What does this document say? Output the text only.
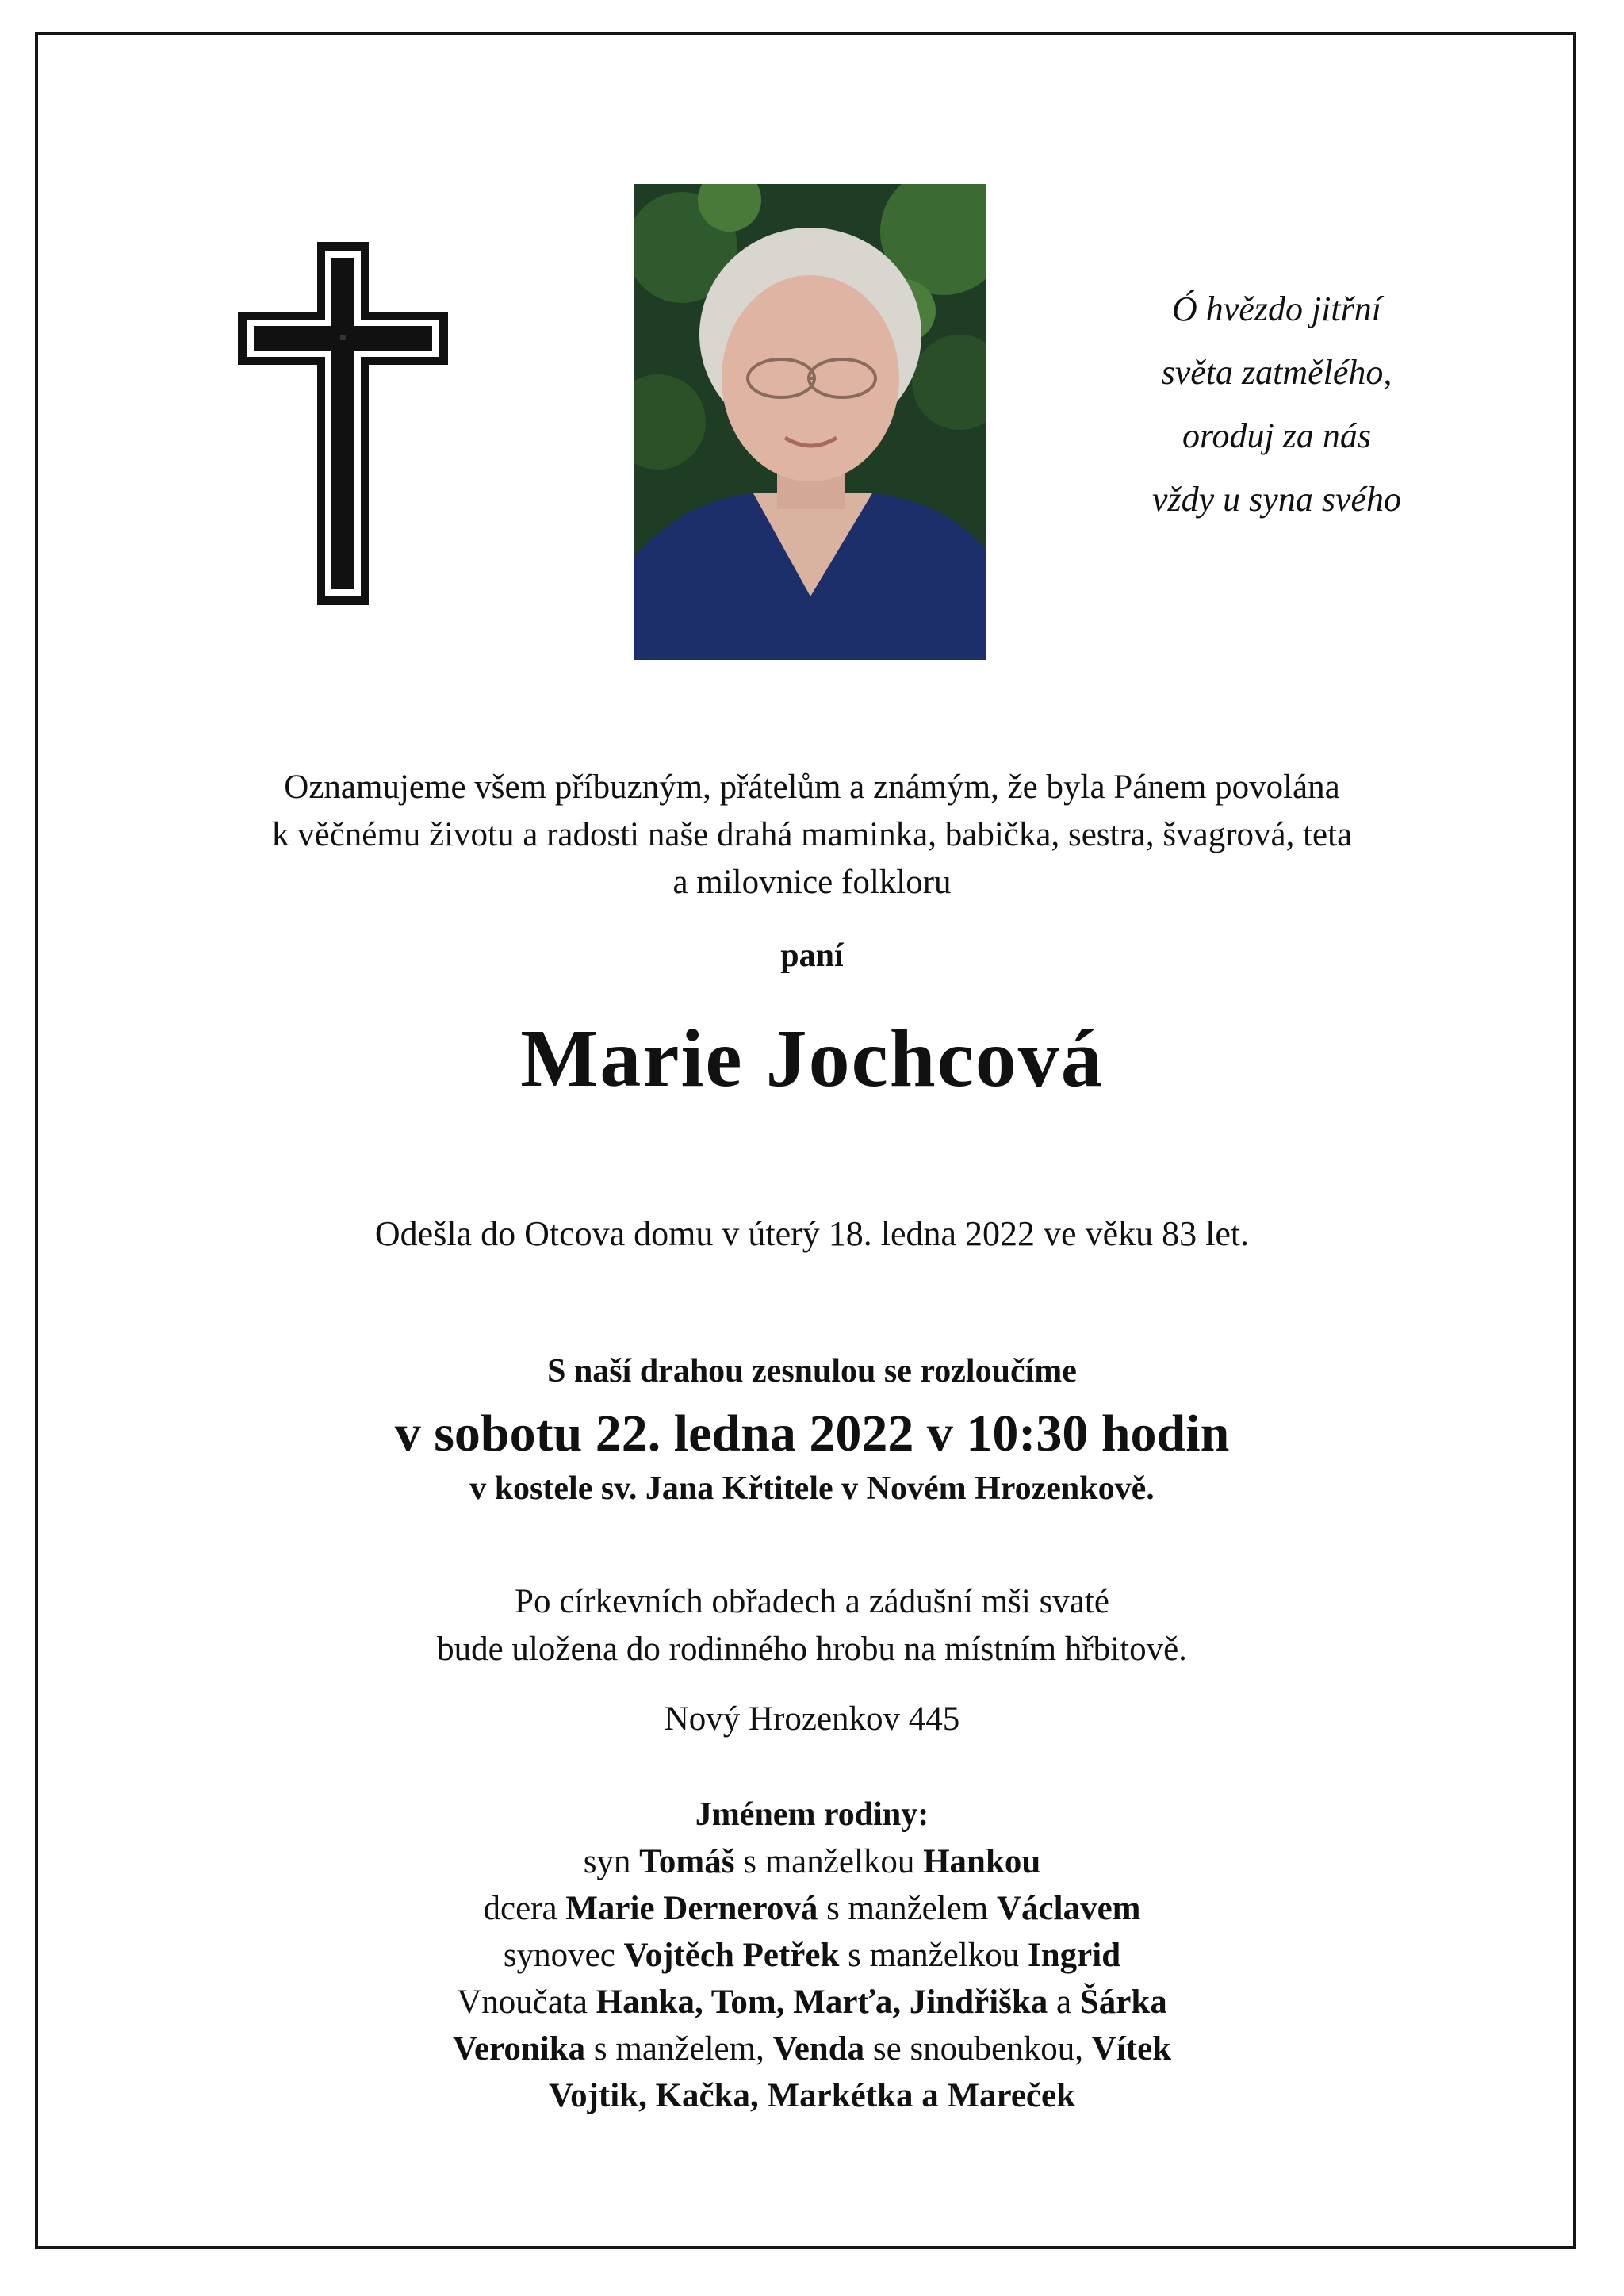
Ó hvězdo jitřní
světa zatmělého,
oroduj za nás
vždy u syna svého
Oznamujeme všem příbuzným, přátelům a známým, že byla Pánem povolána
k věčnému životu a radosti naše drahá maminka, babička, sestra, švagrová, teta
a milovnice folkloru
paní
Marie Jochcová
Odešla do Otcova domu v úterý 18. ledna 2022 ve věku 83 let.
S naší drahou zesnulou se rozloučíme
v sobotu 22. ledna 2022 v 10:30 hodin
v kostele sv. Jana Křtitele v Novém Hrozenkově.
Po církevních obřadech a zádušní mši svaté
bude uložena do rodinného hrobu na místním hřbitově.
Nový Hrozenkov 445
Jménem rodiny:
syn Tomáš s manželkou Hankou
dcera Marie Dernerová s manželem Václavem
synovec Vojtěch Petřek s manželkou Ingrid
Vnoučata Hanka, Tom, Marťa, Jindřiška a Šárka
Veronika s manželem, Venda se snoubenkou, Vítek
Vojtik, Kačka, Markétka a Mareček
